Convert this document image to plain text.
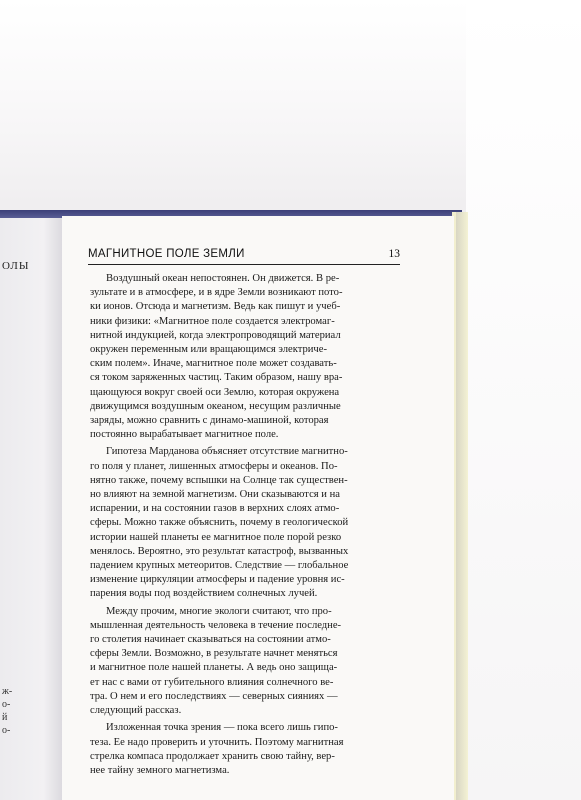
ОЛЫ
ж-
о-
й
о-
МАГНИТНОЕ ПОЛЕ ЗЕМЛИ	13

Воздушный океан непостоянен. Он движется. В ре-
зультате и в атмосфере, и в ядре Земли возникают пото-
ки ионов. Отсюда и магнетизм. Ведь как пишут и учеб-
ники физики: «Магнитное поле создается электромаг-
нитной индукцией, когда электропроводящий материал
окружен переменным или вращающимся электриче-
ским полем». Иначе, магнитное поле может создавать-
ся током заряженных частиц. Таким образом, нашу вра-
щающуюся вокруг своей оси Землю, которая окружена
движущимся воздушным океаном, несущим различные
заряды, можно сравнить с динамо-машиной, которая
постоянно вырабатывает магнитное поле.

Гипотеза Марданова объясняет отсутствие магнитно-
го поля у планет, лишенных атмосферы и океанов. По-
нятно также, почему вспышки на Солнце так существен-
но влияют на земной магнетизм. Они сказываются и на
испарении, и на состоянии газов в верхних слоях атмо-
сферы. Можно также объяснить, почему в геологической
истории нашей планеты ее магнитное поле порой резко
менялось. Вероятно, это результат катастроф, вызванных
падением крупных метеоритов. Следствие — глобальное
изменение циркуляции атмосферы и падение уровня ис-
парения воды под воздействием солнечных лучей.

Между прочим, многие экологи считают, что про-
мышленная деятельность человека в течение последне-
го столетия начинает сказываться на состоянии атмо-
сферы Земли. Возможно, в результате начнет меняться
и магнитное поле нашей планеты. А ведь оно защища-
ет нас с вами от губительного влияния солнечного ве-
тра. О нем и его последствиях — северных сияниях —
следующий рассказ.

Изложенная точка зрения — пока всего лишь гипо-
теза. Ее надо проверить и уточнить. Поэтому магнитная
стрелка компаса продолжает хранить свою тайну, вер-
нее тайну земного магнетизма.
